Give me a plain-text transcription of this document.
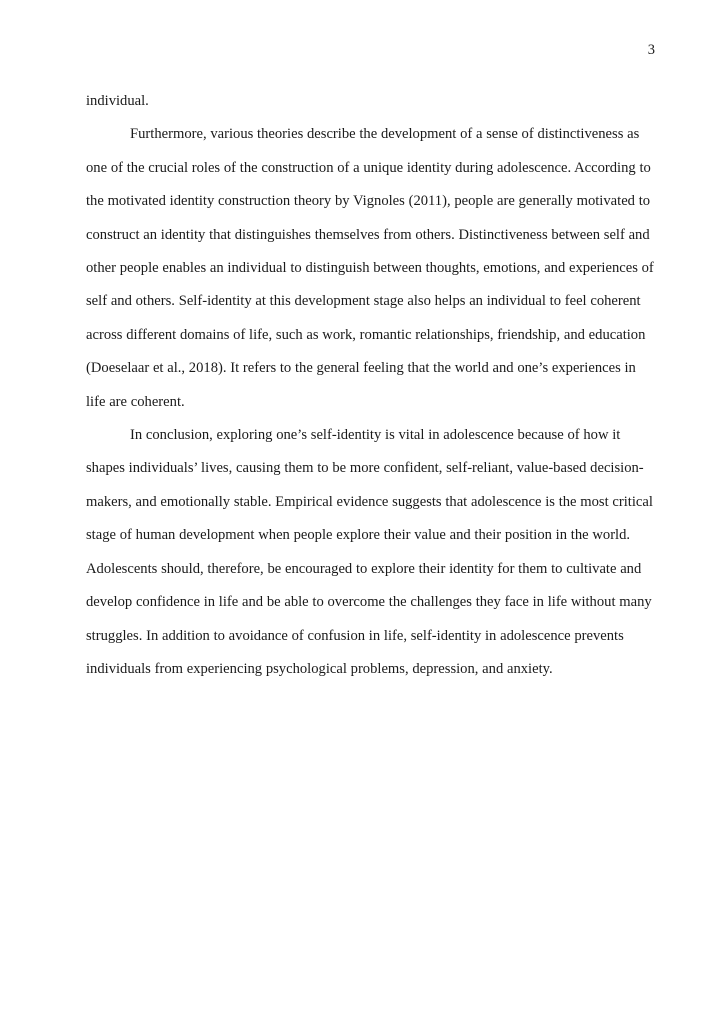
3

individual.

Furthermore, various theories describe the development of a sense of distinctiveness as one of the crucial roles of the construction of a unique identity during adolescence. According to the motivated identity construction theory by Vignoles (2011), people are generally motivated to construct an identity that distinguishes themselves from others. Distinctiveness between self and other people enables an individual to distinguish between thoughts, emotions, and experiences of self and others. Self-identity at this development stage also helps an individual to feel coherent across different domains of life, such as work, romantic relationships, friendship, and education (Doeselaar et al., 2018). It refers to the general feeling that the world and one’s experiences in life are coherent.

In conclusion, exploring one’s self-identity is vital in adolescence because of how it shapes individuals’ lives, causing them to be more confident, self-reliant, value-based decision-makers, and emotionally stable. Empirical evidence suggests that adolescence is the most critical stage of human development when people explore their value and their position in the world. Adolescents should, therefore, be encouraged to explore their identity for them to cultivate and develop confidence in life and be able to overcome the challenges they face in life without many struggles. In addition to avoidance of confusion in life, self-identity in adolescence prevents individuals from experiencing psychological problems, depression, and anxiety.
